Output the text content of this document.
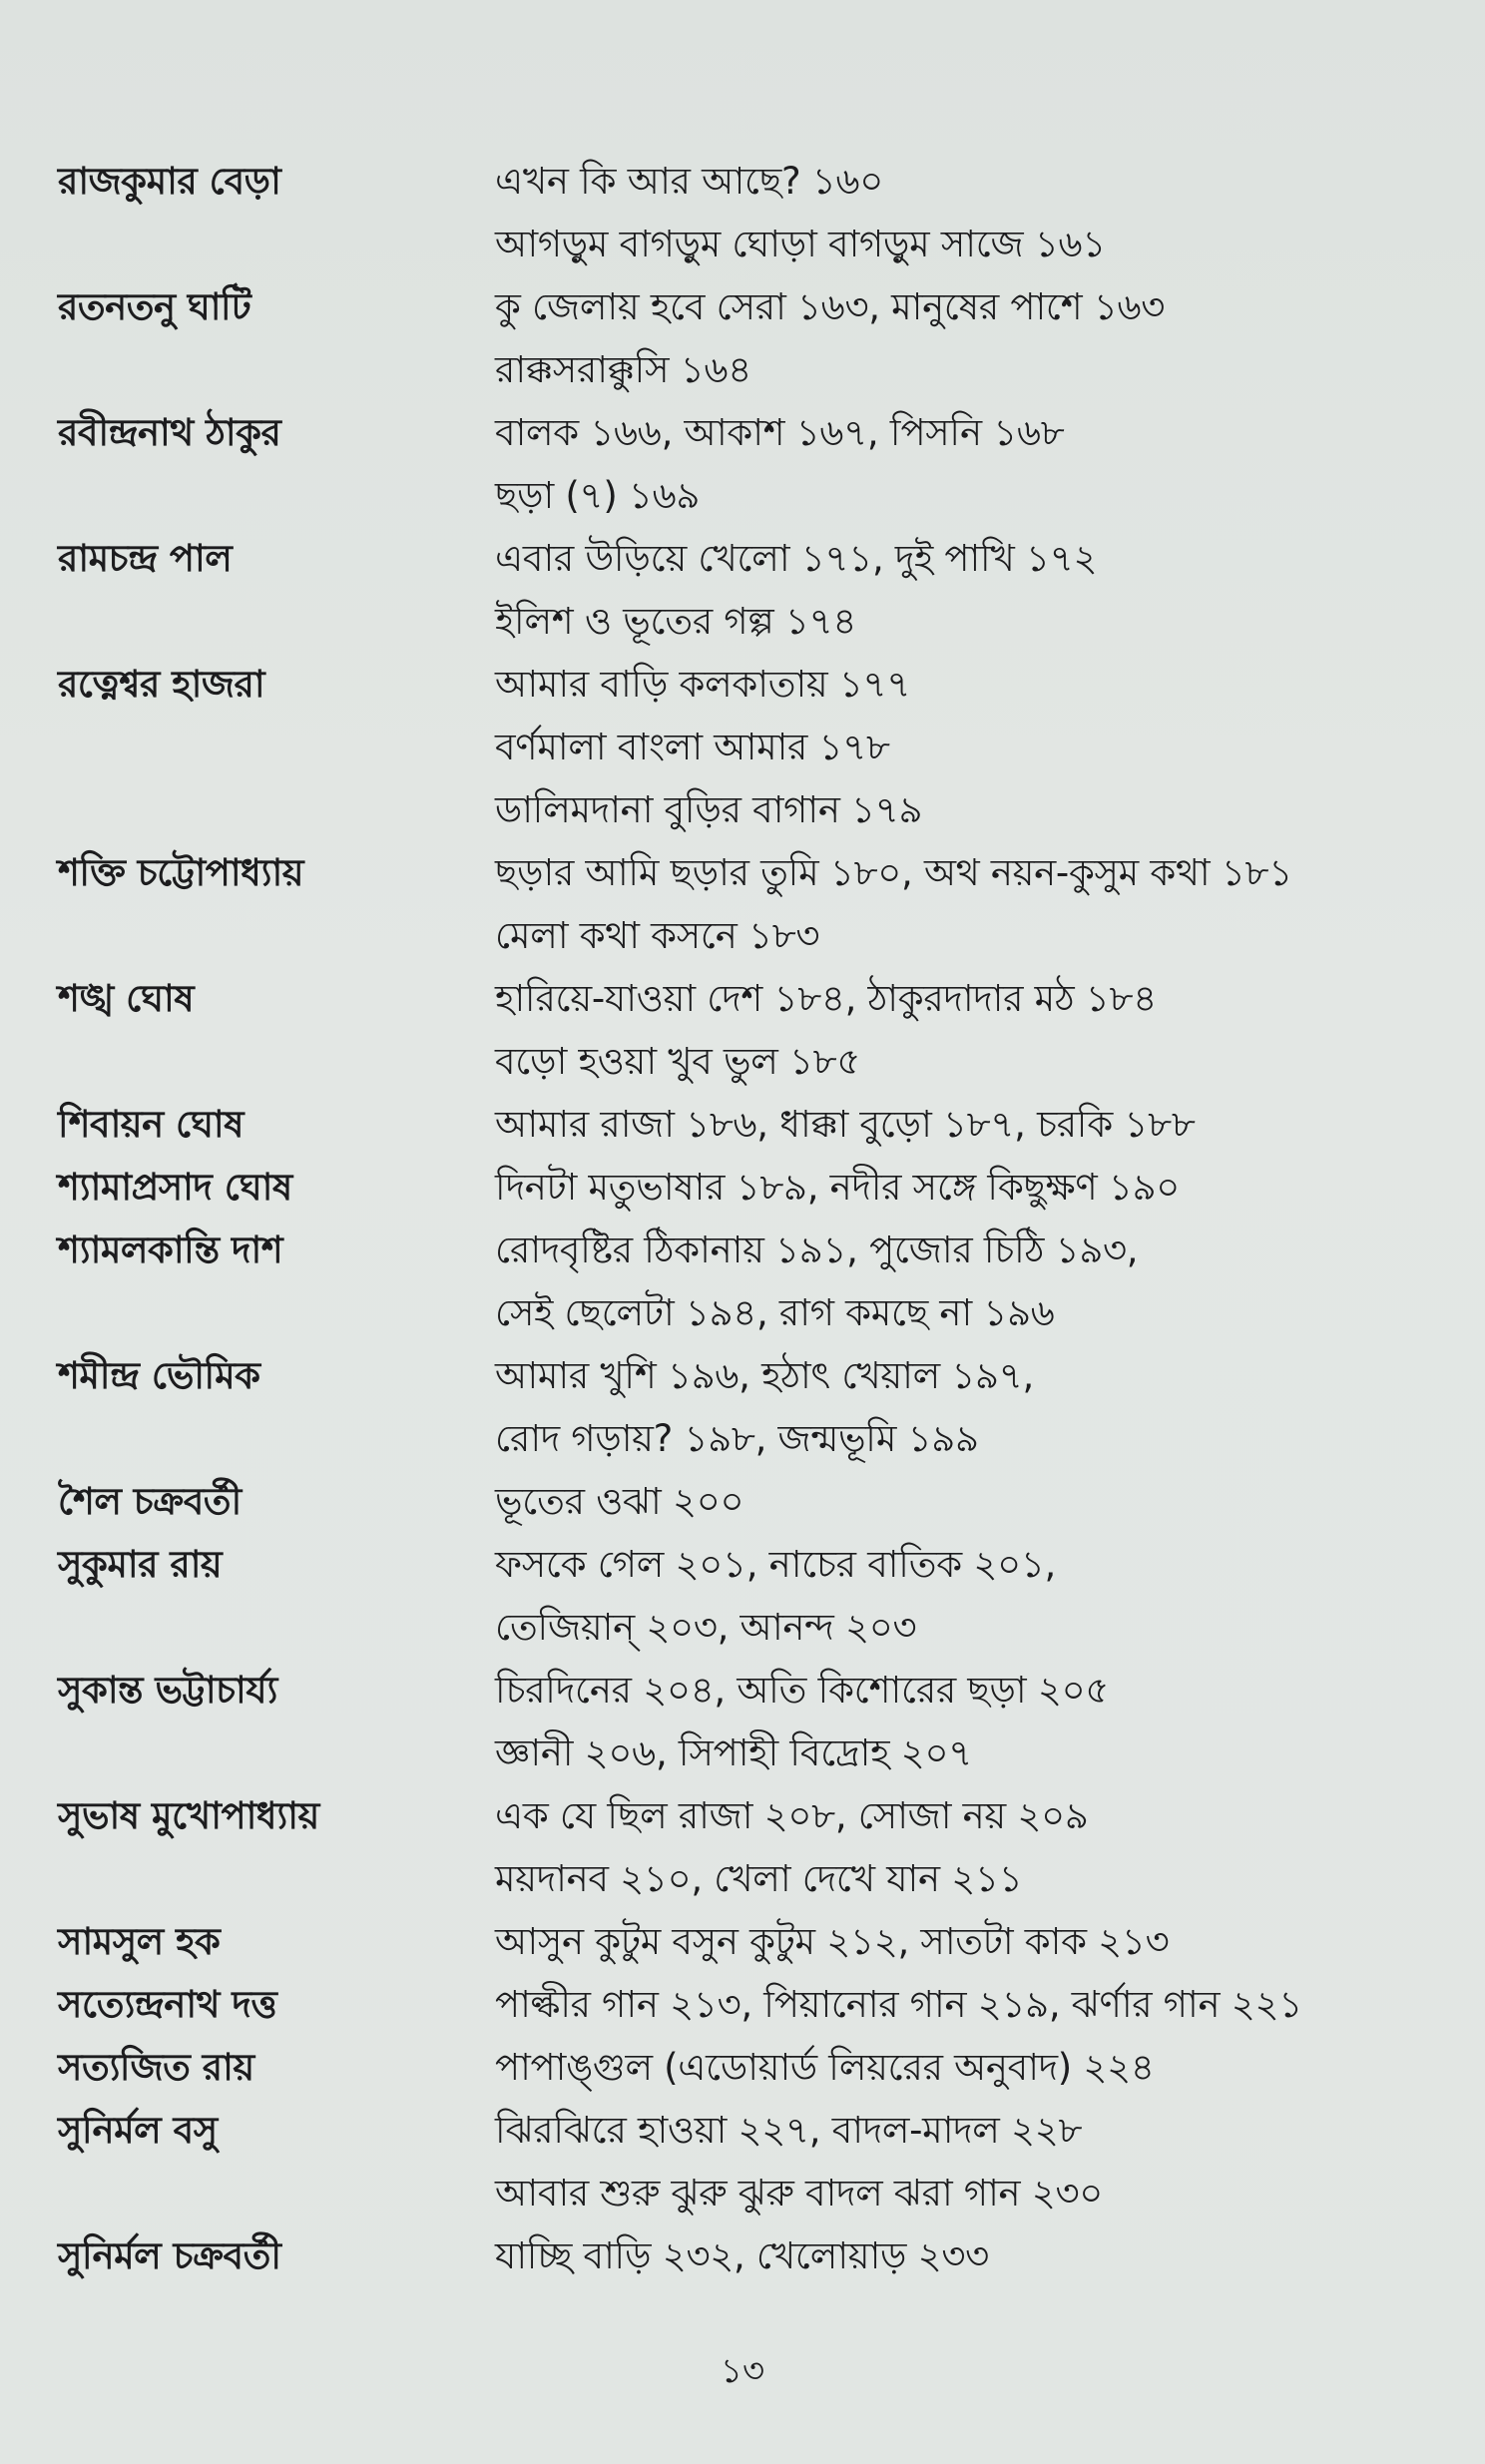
রাজকুমার বেড়া	এখন কি আর আছে? ১৬০
আগড়ুম বাগড়ুম ঘোড়া বাগড়ুম সাজে ১৬১
রতনতনু ঘাটি	কু জেলায় হবে সেরা ১৬৩, মানুষের পাশে ১৬৩
রাক্কসরাক্কুসি ১৬৪
রবীন্দ্রনাথ ঠাকুর	বালক ১৬৬, আকাশ ১৬৭, পিসনি ১৬৮
ছড়া (৭) ১৬৯
রামচন্দ্র পাল	এবার উড়িয়ে খেলো ১৭১, দুই পাখি ১৭২
ইলিশ ও ভূতের গল্প ১৭৪
রত্নেশ্বর হাজরা	আমার বাড়ি কলকাতায় ১৭৭
বর্ণমালা বাংলা আমার ১৭৮
ডালিমদানা বুড়ির বাগান ১৭৯
শক্তি চট্টোপাধ্যায়	ছড়ার আমি ছড়ার তুমি ১৮০, অথ নয়ন-কুসুম কথা ১৮১
মেলা কথা কসনে ১৮৩
শঙ্খ ঘোষ	হারিয়ে-যাওয়া দেশ ১৮৪, ঠাকুরদাদার মঠ ১৮৪
বড়ো হওয়া খুব ভুল ১৮৫
শিবায়ন ঘোষ	আমার রাজা ১৮৬, ধাক্কা বুড়ো ১৮৭, চরকি ১৮৮
শ্যামাপ্রসাদ ঘোষ	দিনটা মতুভাষার ১৮৯, নদীর সঙ্গে কিছুক্ষণ ১৯০
শ্যামলকান্তি দাশ	রোদবৃষ্টির ঠিকানায় ১৯১, পুজোর চিঠি ১৯৩,
সেই ছেলেটা ১৯৪, রাগ কমছে না ১৯৬
শমীন্দ্র ভৌমিক	আমার খুশি ১৯৬, হঠাৎ খেয়াল ১৯৭,
রোদ গড়ায়? ১৯৮, জন্মভূমি ১৯৯
শৈল চক্রবর্তী	ভূতের ওঝা ২০০
সুকুমার রায়	ফসকে গেল ২০১, নাচের বাতিক ২০১,
তেজিয়ান্‌ ২০৩, আনন্দ ২০৩
সুকান্ত ভট্টাচার্য্য	চিরদিনের ২০৪, অতি কিশোরের ছড়া ২০৫
জ্ঞানী ২০৬, সিপাহী বিদ্রোহ ২০৭
সুভাষ মুখোপাধ্যায়	এক যে ছিল রাজা ২০৮, সোজা নয় ২০৯
ময়দানব ২১০, খেলা দেখে যান ২১১
সামসুল হক	আসুন কুটুম বসুন কুটুম ২১২, সাতটা কাক ২১৩
সত্যেন্দ্রনাথ দত্ত	পাল্কীর গান ২১৩, পিয়ানোর গান ২১৯, ঝর্ণার গান ২২১
সত্যজিত রায়	পাপাঙ্গুল (এডোয়ার্ড লিয়রের অনুবাদ) ২২৪
সুনির্মল বসু	ঝিরঝিরে হাওয়া ২২৭, বাদল-মাদল ২২৮
আবার শুরু ঝুরু ঝুরু বাদল ঝরা গান ২৩০
সুনির্মল চক্রবর্তী	যাচ্ছি বাড়ি ২৩২, খেলোয়াড় ২৩৩
১৩
